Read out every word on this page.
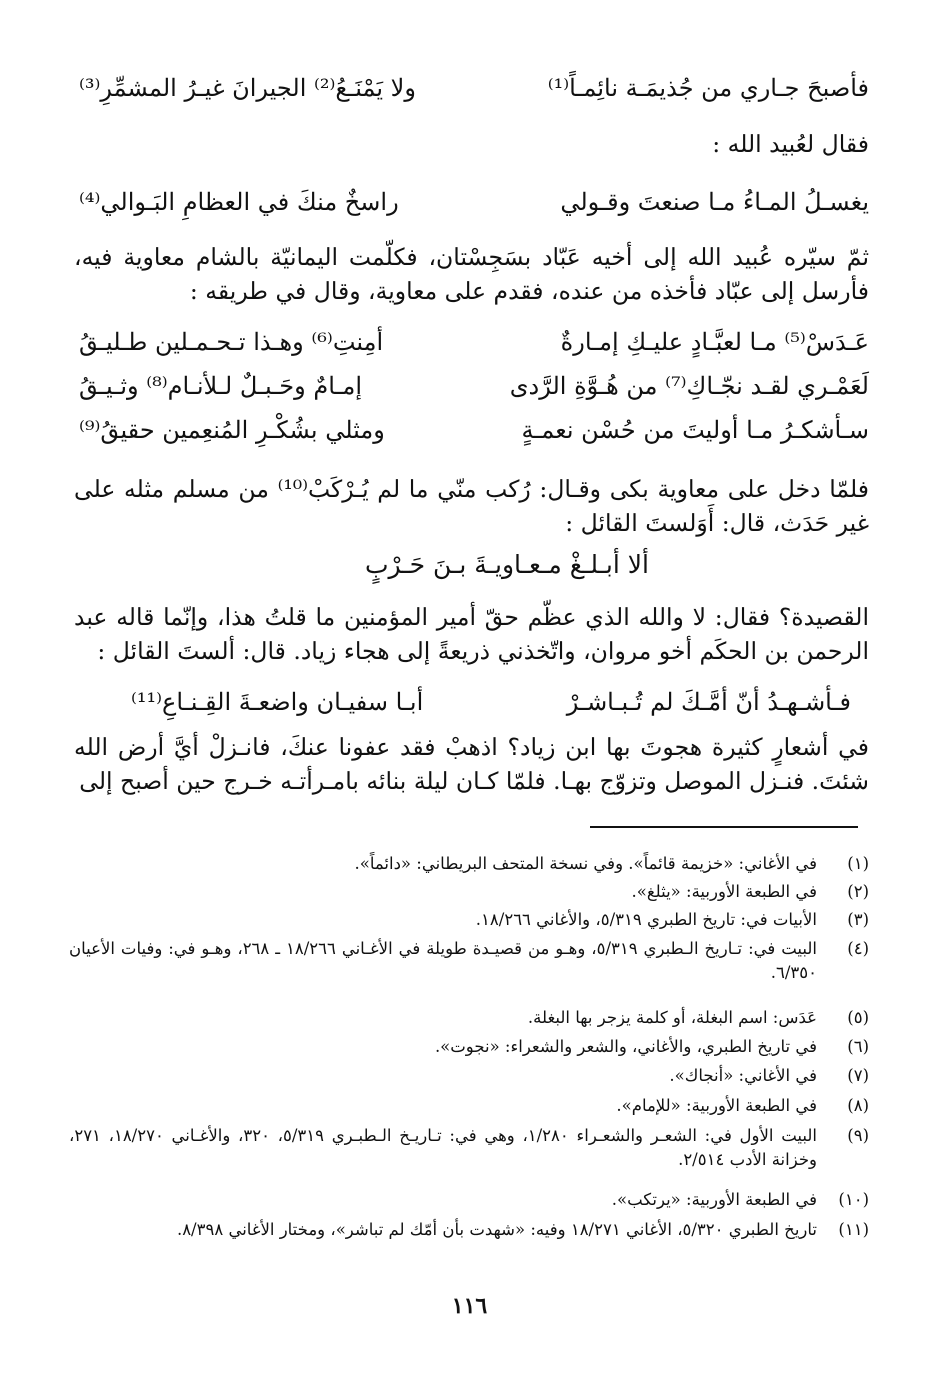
فأصبحَ جـاري من جُذيمَـة نائِمـاً⁽¹⁾
ولا يَمْنَـعُ⁽²⁾ الجيرانَ غيـرُ المشمِّرِ⁽³⁾
فقال لعُبيد الله :
يغسـلُ المـاءُ مـا صنعتَ وقـولي
راسخٌ منكَ في العظامِ البَـوالي⁽⁴⁾
ثمّ سيّره عُبيد الله إلى أخيه عَبّاد بسَجِسْتان، فكلّمت اليمانيّة بالشام معاوية فيه، فأرسل إلى عبّاد فأخذه من عنده، فقدم على معاوية، وقال في طريقه :
عَـدَسْ⁽⁵⁾ مـا لعبَّـادٍ عليـكِ إمـارةٌ
أمِنتِ⁽⁶⁾ وهـذا تـحـمـلين طـليـقُ
لَعَمْـري لقـد نجّـاكِ⁽⁷⁾ من هُـوَّةِ الرَّدى
إمـامٌ وحَـبـلٌ لـلأنـام⁽⁸⁾ وثـيـقُ
سـأشكـرُ مـا أوليتَ من حُسْن نعمـةٍ
ومثلي بشُكْـرِ المُنعِمين حقيقُ⁽⁹⁾
فلمّا دخل على معاوية بكى وقـال: رُكب منّي ما لم يُـرْكَبْ⁽¹⁰⁾ من مسلم مثله على غير حَدَث، قال: أَوَلستَ القائل :
ألا أبـلـغْ مـعـاويـةَ بـنَ حَـرْبٍ
القصيدة؟ فقال: لا والله الذي عظّم حقّ أمير المؤمنين ما قلتُ هذا، وإنّما قاله عبد الرحمن بن الحكَم أخو مروان، واتّخذني ذريعةً إلى هجاء زياد. قال: ألستَ القائل :
فـأشـهـدُ أنّ أمَّـكَ لم تُـبـاشـرْ
أبـا سفيـان واضعـةَ القِـنـاعِ⁽¹¹⁾
في أشعارٍ كثيرة هجوتَ بها ابن زياد؟ اذهبْ فقد عفونا عنكَ، فانـزلْ أيَّ أرض الله شئتَ. فنـزل الموصل وتزوّج بهـا. فلمّا كـان ليلة بنائه بامـرأتـه خـرج حين أصبح إلى
(١)
في الأغاني: «خزيمة قائماً». وفي نسخة المتحف البريطاني: «دائماً».
(٢)
في الطبعة الأوربية: «يثلغ».
(٣)
الأبيات في: تاريخ الطبري ٥/٣١٩، والأغاني ١٨/٢٦٦.
(٤)
البيت في: تـاريخ الـطبري ٥/٣١٩، وهـو من قصيـدة طويلة في الأغـاني ١٨/٢٦٦ ـ ٢٦٨، وهـو في: وفيات الأعيان ٦/٣٥٠.
(٥)
عَدَس: اسم البغلة، أو كلمة يزجر بها البغلة.
(٦)
في تاريخ الطبري، والأغاني، والشعر والشعراء: «نجوت».
(٧)
في الأغاني: «أنجاك».
(٨)
في الطبعة الأوربية: «للإمام».
(٩)
البيت الأول في: الشعـر والشعـراء ١/٢٨٠، وهي في: تـاريـخ الـطبـري ٥/٣١٩، ٣٢٠، والأغـاني ١٨/٢٧٠، ٢٧١، وخزانة الأدب ٢/٥١٤.
(١٠)
في الطبعة الأوربية: «يرتكب».
(١١)
تاريخ الطبري ٥/٣٢٠، الأغاني ١٨/٢٧١ وفيه: «شهدت بأن أمّك لم تباشر»، ومختار الأغاني ٨/٣٩٨.
١١٦
